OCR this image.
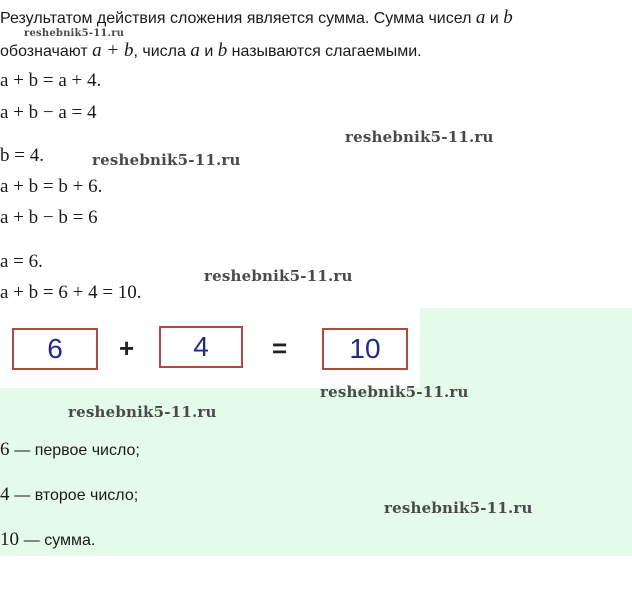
Результатом действия сложения является сумма. Сумма чисел a и b
reshebnik5-11.ru
обозначают a + b, числа a и b называются слагаемыми.
a + b = a + 4.
a + b − a = 4
b = 4.
a + b = b + 6.
a + b − b = 6
a = 6.
a + b = 6 + 4 = 10.
6	+	4	=	10
6 — первое число;
4 — второе число;
10 — сумма.
reshebnik5-11.ru
reshebnik5-11.ru
reshebnik5-11.ru
reshebnik5-11.ru
reshebnik5-11.ru
reshebnik5-11.ru
